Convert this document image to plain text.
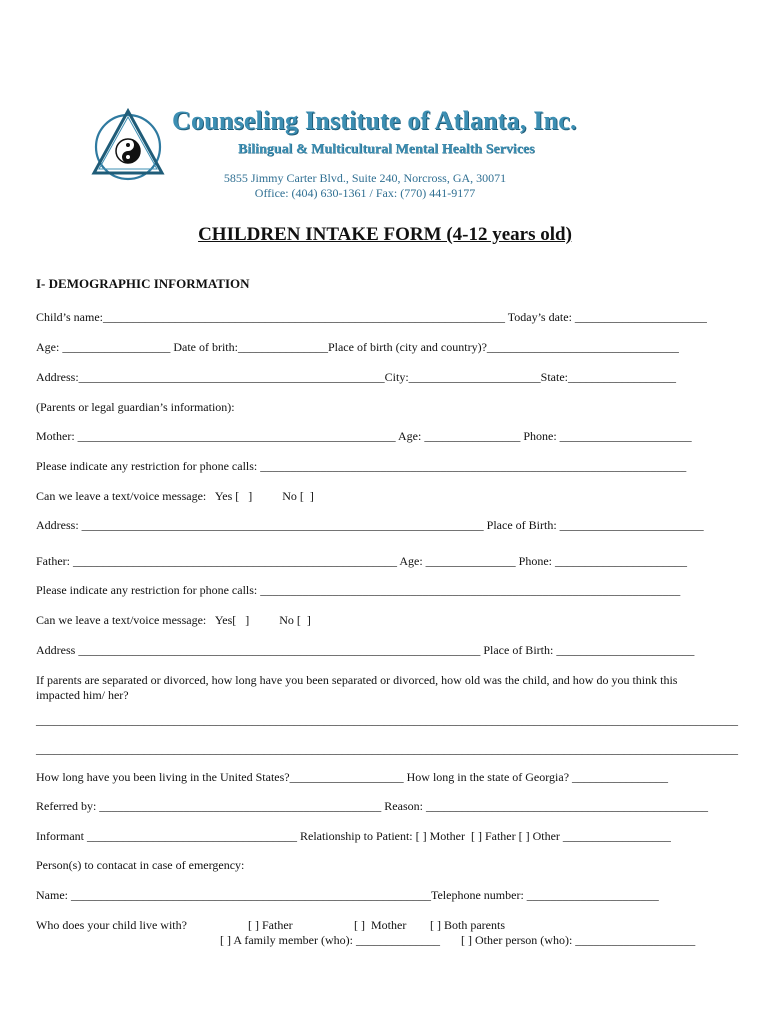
Counseling Institute of Atlanta, Inc.
Bilingual & Multicultural Mental Health Services
5855 Jimmy Carter Blvd., Suite 240, Norcross, GA, 30071
Office: (404) 630-1361 / Fax: (770) 441-9177
CHILDREN INTAKE FORM (4-12 years old)
I- DEMOGRAPHIC INFORMATION
Child’s name:___________________________________________________________________ Today’s date: ______________________
Age: __________________ Date of brith:_______________Place of birth (city and country)?________________________________
Address:___________________________________________________City:______________________State:__________________
(Parents or legal guardian’s information):
Mother: _____________________________________________________ Age: ________________ Phone: ______________________
Please indicate any restriction for phone calls: _______________________________________________________________________
Can we leave a text/voice message:   Yes [   ]          No [  ]
Address: ___________________________________________________________________ Place of Birth: ________________________
Father: ______________________________________________________ Age: _______________ Phone: ______________________
Please indicate any restriction for phone calls: ______________________________________________________________________
Can we leave a text/voice message:   Yes[   ]          No [  ]
Address ___________________________________________________________________ Place of Birth: _______________________
If parents are separated or divorced, how long have you been separated or divorced, how old was the child, and how do you think this
impacted him/ her?
_____________________________________________________________________________________________________________________
_____________________________________________________________________________________________________________________
How long have you been living in the United States?___________________ How long in the state of Georgia? ________________
Referred by: _______________________________________________ Reason: _______________________________________________
Informant ___________________________________ Relationship to Patient: [ ] Mother  [ ] Father [ ] Other __________________
Person(s) to contacat in case of emergency:
Name: ____________________________________________________________Telephone number: ______________________
Who does your child live with?	[ ] Father	[ ]  Mother [ ] Both parents
[ ] A family member (who): ______________ [ ] Other person (who): ____________________
